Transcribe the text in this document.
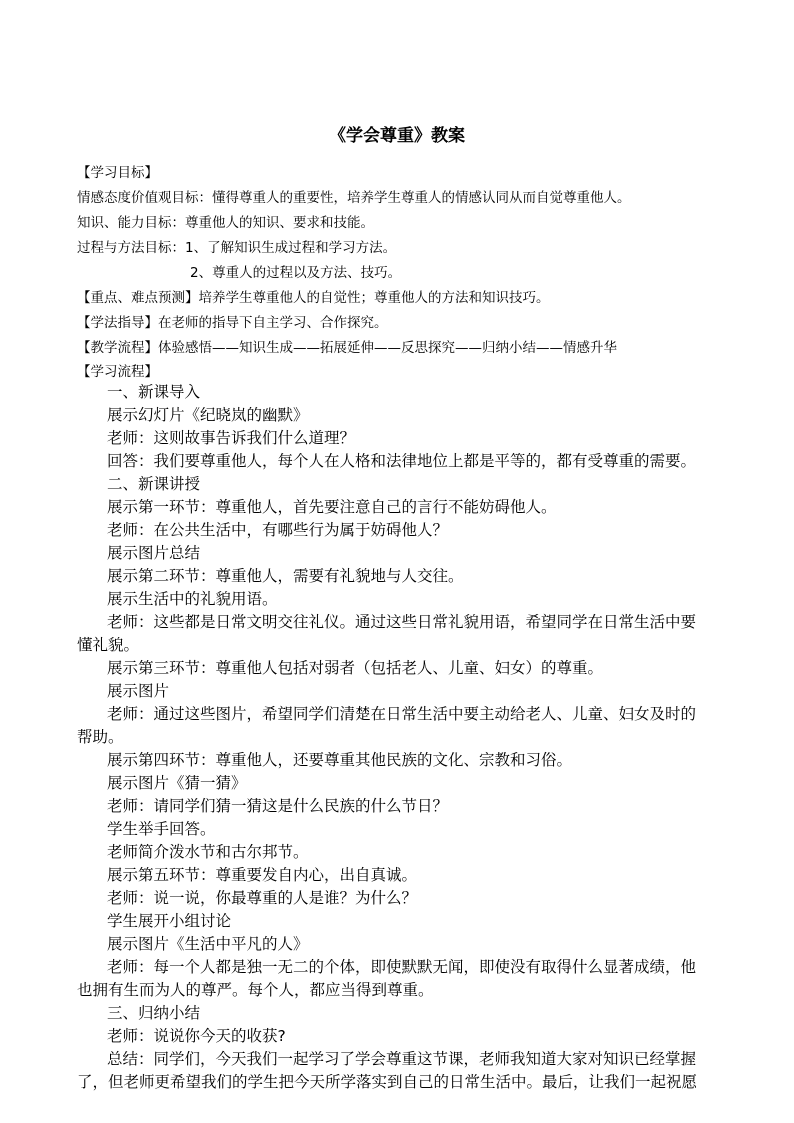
《学会尊重》教案
【学习目标】
情感态度价值观目标：懂得尊重人的重要性，培养学生尊重人的情感认同从而自觉尊重他人。
知识、能力目标：尊重他人的知识、要求和技能。
过程与方法目标：1、了解知识生成过程和学习方法。
2、尊重人的过程以及方法、技巧。
【重点、难点预测】培养学生尊重他人的自觉性；尊重他人的方法和知识技巧。
【学法指导】在老师的指导下自主学习、合作探究。
【教学流程】体验感悟——知识生成——拓展延伸——反思探究——归纳小结——情感升华
【学习流程】
一、新课导入
展示幻灯片《纪晓岚的幽默》
老师：这则故事告诉我们什么道理？
回答：我们要尊重他人，每个人在人格和法律地位上都是平等的，都有受尊重的需要。
二、新课讲授
展示第一环节：尊重他人，首先要注意自己的言行不能妨碍他人。
老师：在公共生活中，有哪些行为属于妨碍他人？
展示图片总结
展示第二环节：尊重他人，需要有礼貌地与人交往。
展示生活中的礼貌用语。
老师：这些都是日常文明交往礼仪。通过这些日常礼貌用语，希望同学在日常生活中要
懂礼貌。
展示第三环节：尊重他人包括对弱者（包括老人、儿童、妇女）的尊重。
展示图片
老师：通过这些图片，希望同学们清楚在日常生活中要主动给老人、儿童、妇女及时的
帮助。
展示第四环节：尊重他人，还要尊重其他民族的文化、宗教和习俗。
展示图片《猜一猜》
老师：请同学们猜一猜这是什么民族的什么节日？
学生举手回答。
老师简介泼水节和古尔邦节。
展示第五环节：尊重要发自内心，出自真诚。
老师：说一说，你最尊重的人是谁？为什么？
学生展开小组讨论
展示图片《生活中平凡的人》
老师：每一个人都是独一无二的个体，即使默默无闻，即使没有取得什么显著成绩，他
也拥有生而为人的尊严。每个人，都应当得到尊重。
三、归纳小结
老师：说说你今天的收获?
总结：同学们，今天我们一起学习了学会尊重这节课，老师我知道大家对知识已经掌握
了，但老师更希望我们的学生把今天所学落实到自己的日常生活中。最后，让我们一起祝愿
